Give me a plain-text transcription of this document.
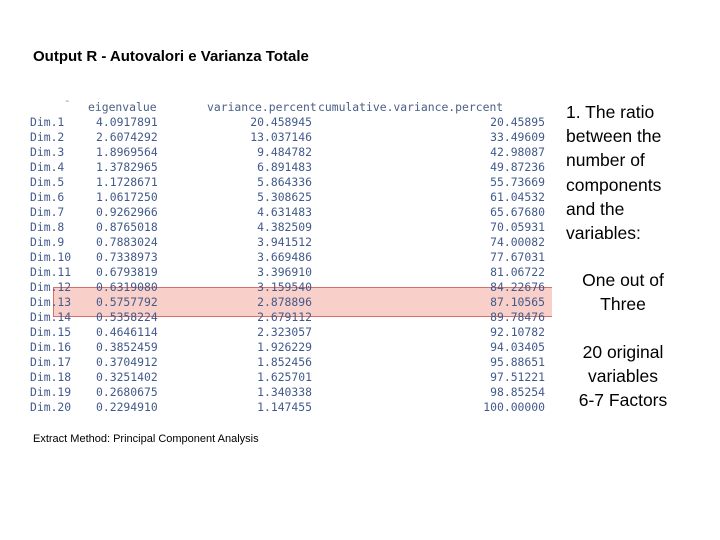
Output R - Autovalori e Varianza Totale
- eigenvalue	variance.percent cumulative.variance.percent
Dim.1	4.0917891	20.458945	20.45895
Dim.2	2.6074292	13.037146	33.49609
Dim.3	1.8969564	9.484782	42.98087
Dim.4	1.3782965	6.891483	49.87236
Dim.5	1.1728671	5.864336	55.73669
Dim.6	1.0617250	5.308625	61.04532
Dim.7	0.9262966	4.631483	65.67680
Dim.8	0.8765018	4.382509	70.05931
Dim.9	0.7883024	3.941512	74.00082
Dim.10 0.7338973	3.669486	77.67031
Dim.11 0.6793819	3.396910	81.06722
Dim.12 0.6319080	3.159540	84.22676
Dim.13 0.5757792	2.878896	87.10565
Dim.14 0.5358224	2.679112	89.78476
Dim.15 0.4646114	2.323057	92.10782
Dim.16 0.3852459	1.926229	94.03405
Dim.17 0.3704912	1.852456	95.88651
Dim.18 0.3251402	1.625701	97.51221
Dim.19 0.2680675	1.340338	98.85254
Dim.20 0.2294910	1.147455	100.00000
1. The ratio
between the
number of
components
and the
variables:
One out of
Three
20 original
variables
6-7 Factors
Extract Method: Principal Component Analysis
